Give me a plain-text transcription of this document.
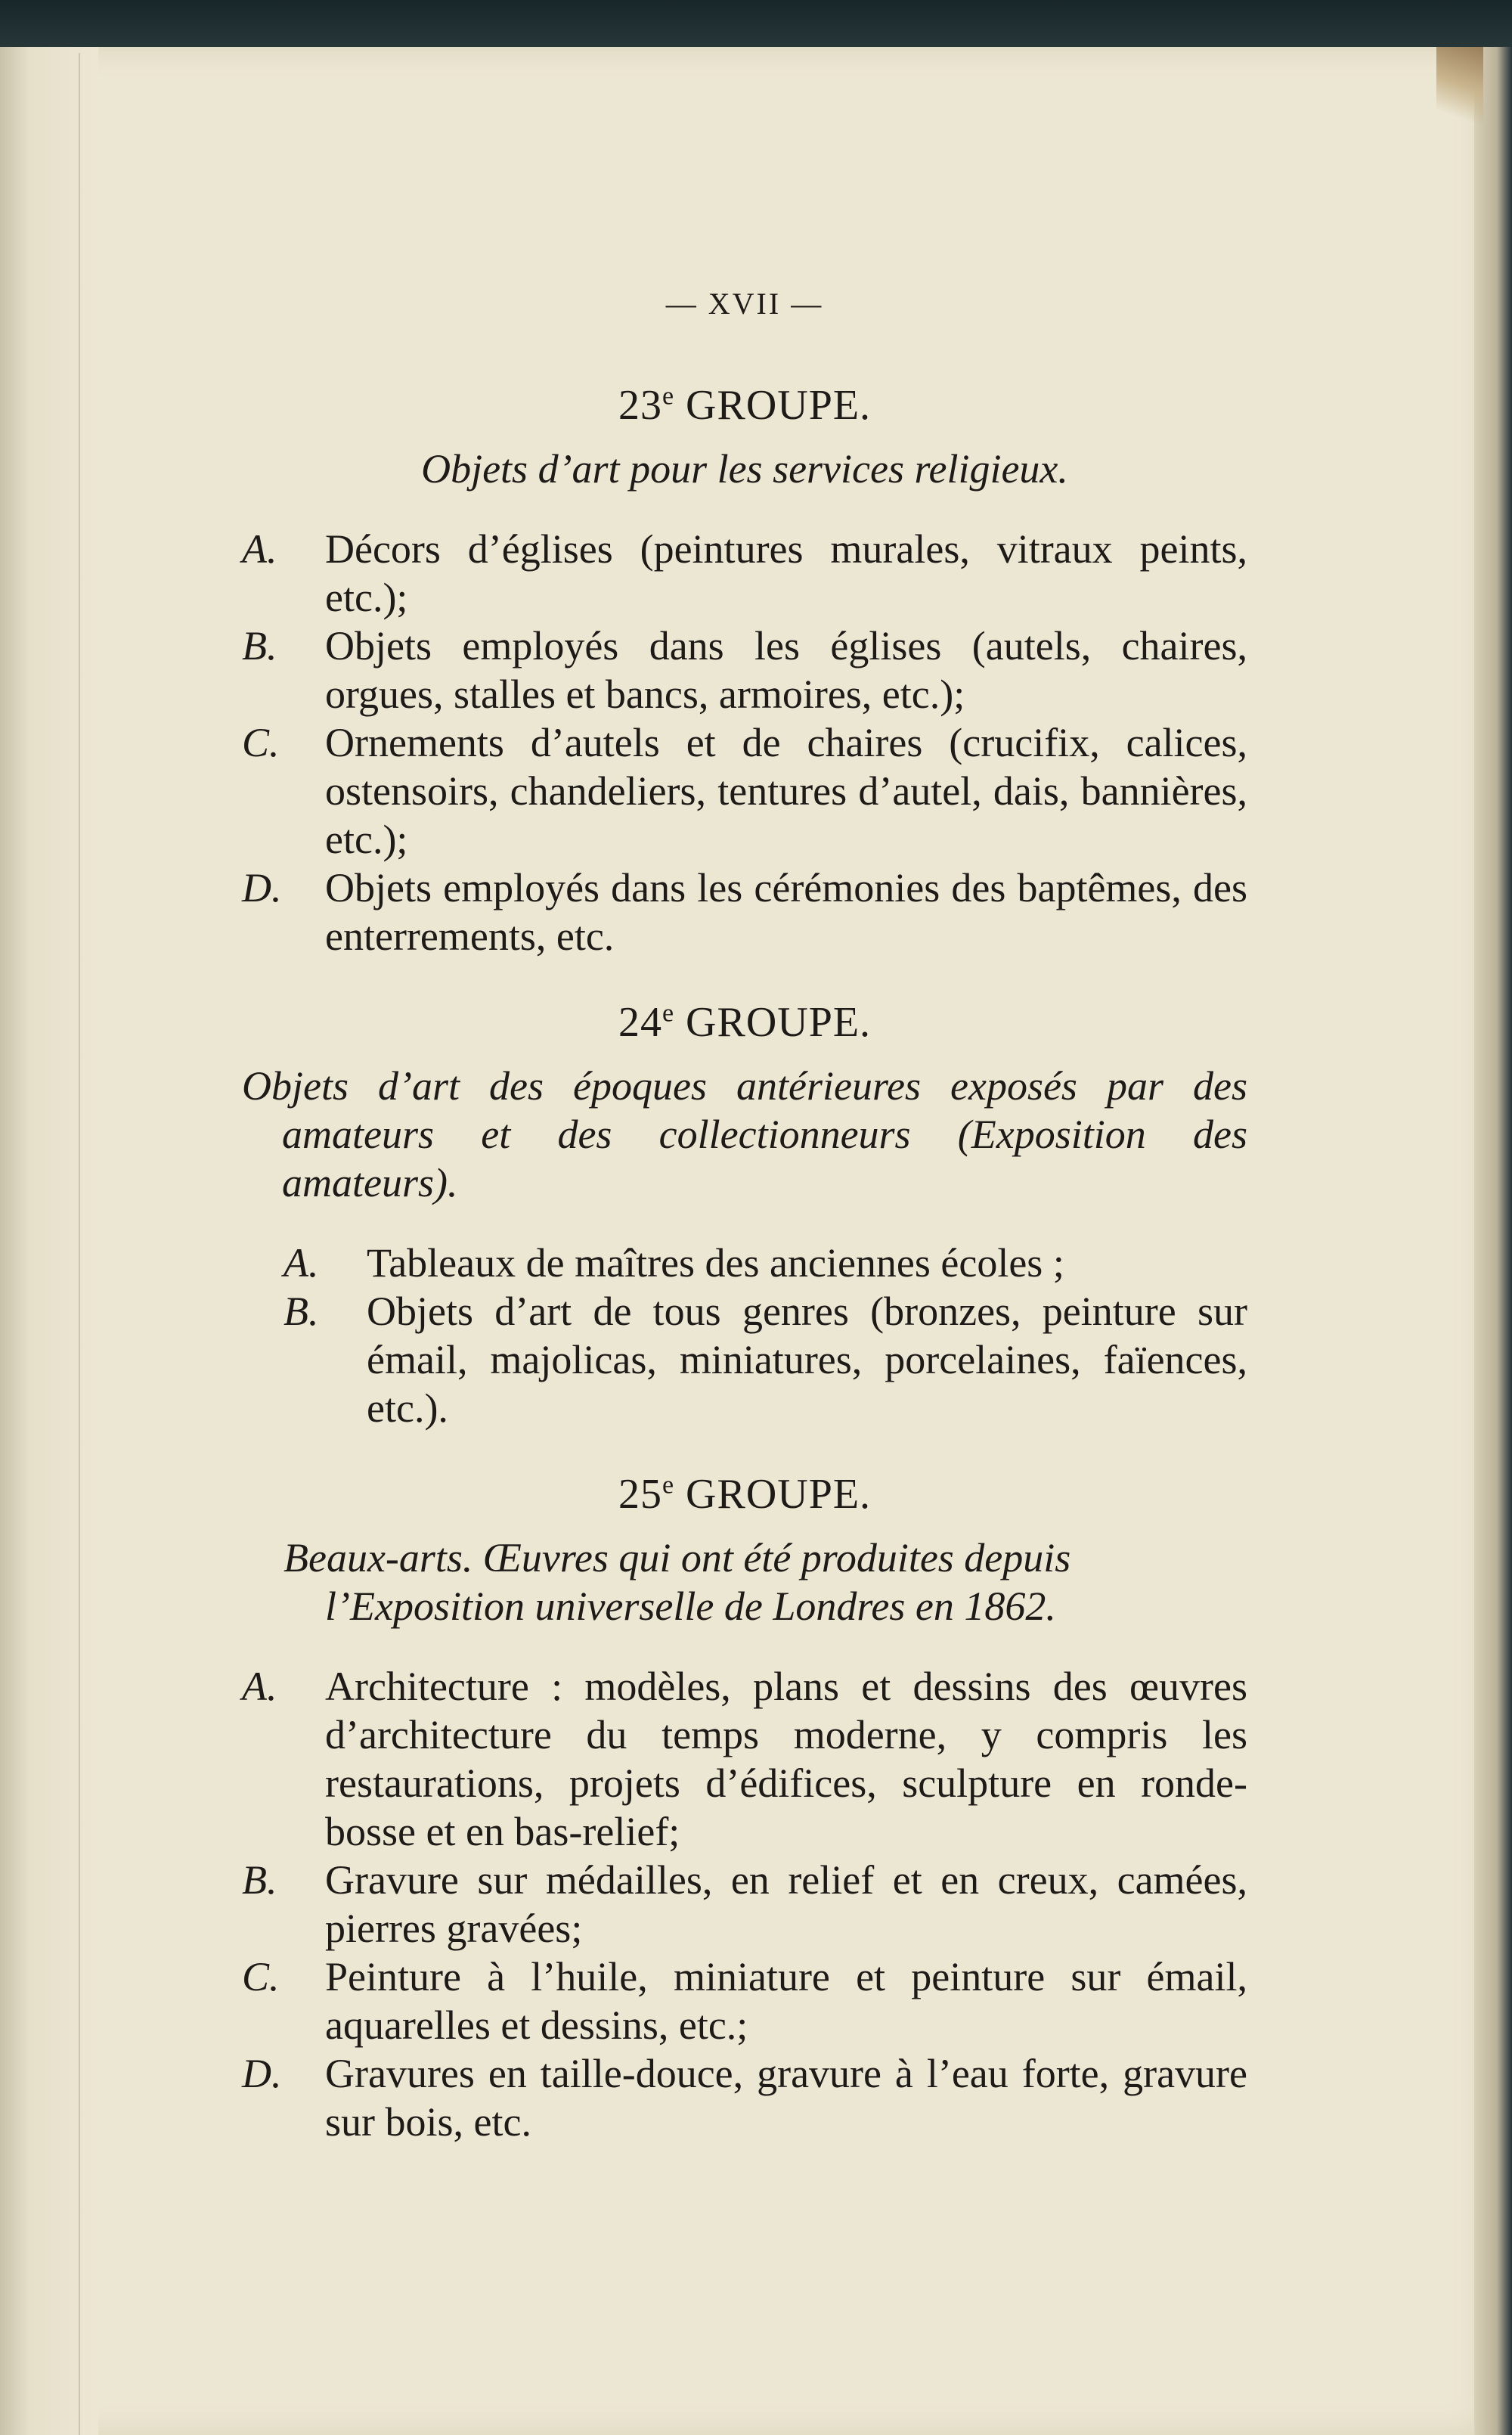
— XVII —
23e GROUPE.
Objets d’art pour les services religieux.
A.	Décors d’églises (peintures murales, vitraux peints, etc.);
B.	Objets employés dans les églises (autels, chaires, orgues, stalles et bancs, armoires, etc.);
C.	Ornements d’autels et de chaires (crucifix, calices, ostensoirs, chandeliers, tentures d’autel, dais, bannières, etc.);
D.	Objets employés dans les cérémonies des baptêmes, des enterrements, etc.
24e GROUPE.
Objets d’art des époques antérieures exposés par des amateurs et des collectionneurs (Exposition des amateurs).
A.	Tableaux de maîtres des anciennes écoles ;
B.	Objets d’art de tous genres (bronzes, peinture sur émail, majolicas, miniatures, porcelaines, faïences, etc.).
25e GROUPE.
Beaux-arts. Œuvres qui ont été produites depuis l’Exposition universelle de Londres en 1862.
A.	Architecture : modèles, plans et dessins des œuvres d’architecture du temps moderne, y compris les restaurations, projets d’édifices, sculpture en ronde-bosse et en bas-relief;
B.	Gravure sur médailles, en relief et en creux, camées, pierres gravées;
C.	Peinture à l’huile, miniature et peinture sur émail, aquarelles et dessins, etc.;
D.	Gravures en taille-douce, gravure à l’eau forte, gravure sur bois, etc.
